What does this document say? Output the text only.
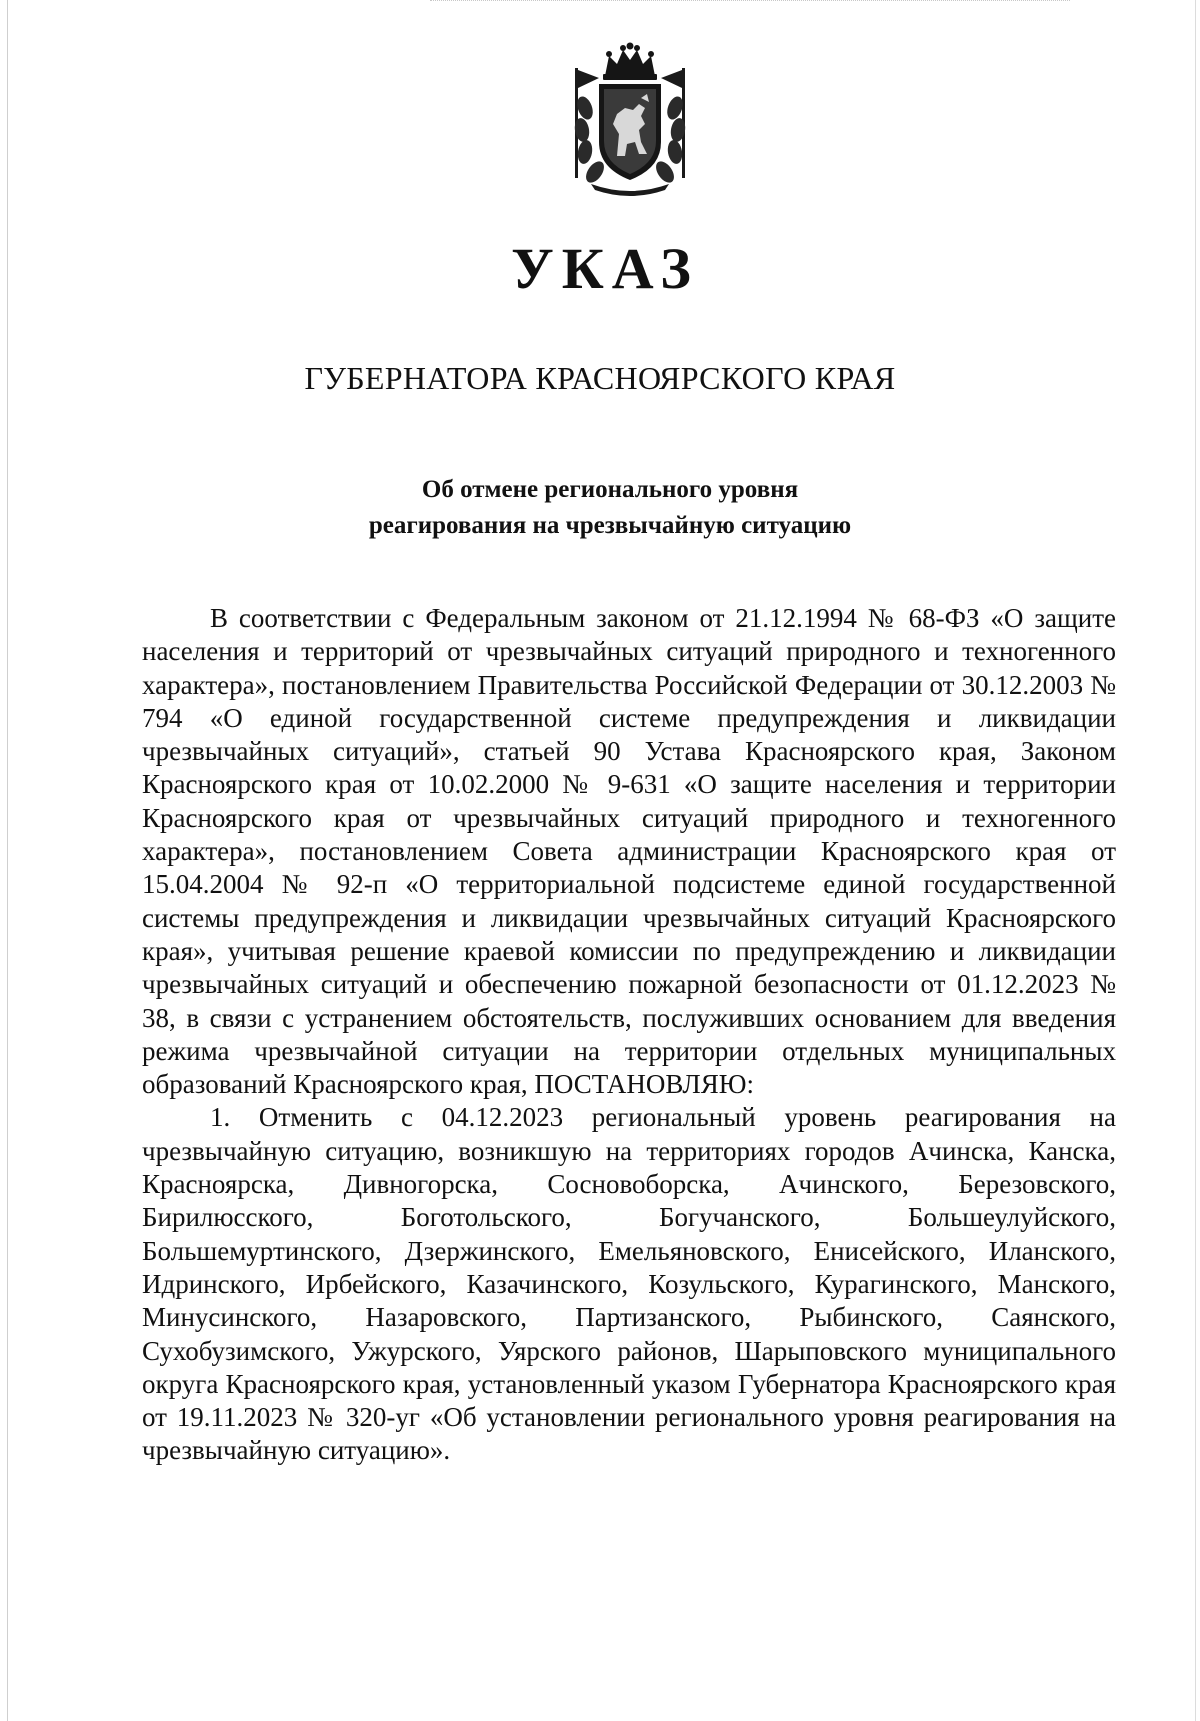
УКАЗ
ГУБЕРНАТОРА КРАСНОЯРСКОГО КРАЯ
Об отмене регионального уровня
реагирования на чрезвычайную ситуацию

В соответствии с Федеральным законом от 21.12.1994 № 68-ФЗ «О защите населения и территорий от чрезвычайных ситуаций природного и техногенного характера», постановлением Правительства Российской Федерации от 30.12.2003 № 794 «О единой государственной системе предупреждения и ликвидации чрезвычайных ситуаций», статьей 90 Устава Красноярского края, Законом Красноярского края от 10.02.2000 № 9-631 «О защите населения и территории Красноярского края от чрезвычайных ситуаций природного и техногенного характера», постановлением Совета администрации Красноярского края от 15.04.2004 № 92-п «О территориальной подсистеме единой государственной системы предупреждения и ликвидации чрезвычайных ситуаций Красноярского края», учитывая решение краевой комиссии по предупреждению и ликвидации чрезвычайных ситуаций и обеспечению пожарной безопасности от 01.12.2023 № 38, в связи с устранением обстоятельств, послуживших основанием для введения режима чрезвычайной ситуации на территории отдельных муниципальных образований Красноярского края, ПОСТАНОВЛЯЮ:

1. Отменить с 04.12.2023 региональный уровень реагирования на чрезвычайную ситуацию, возникшую на территориях городов Ачинска, Канска, Красноярска, Дивногорска, Сосновоборска, Ачинского, Березовского, Бирилюсского, Боготольского, Богучанского, Большеулуйского, Большемуртинского, Дзержинского, Емельяновского, Енисейского, Иланского, Идринского, Ирбейского, Казачинского, Козульского, Курагинского, Манского, Минусинского, Назаровского, Партизанского, Рыбинского, Саянского, Сухобузимского, Ужурского, Уярского районов, Шарыповского муниципального округа Красноярского края, установленный указом Губернатора Красноярского края от 19.11.2023 № 320-уг «Об установлении регионального уровня реагирования на чрезвычайную ситуацию».
